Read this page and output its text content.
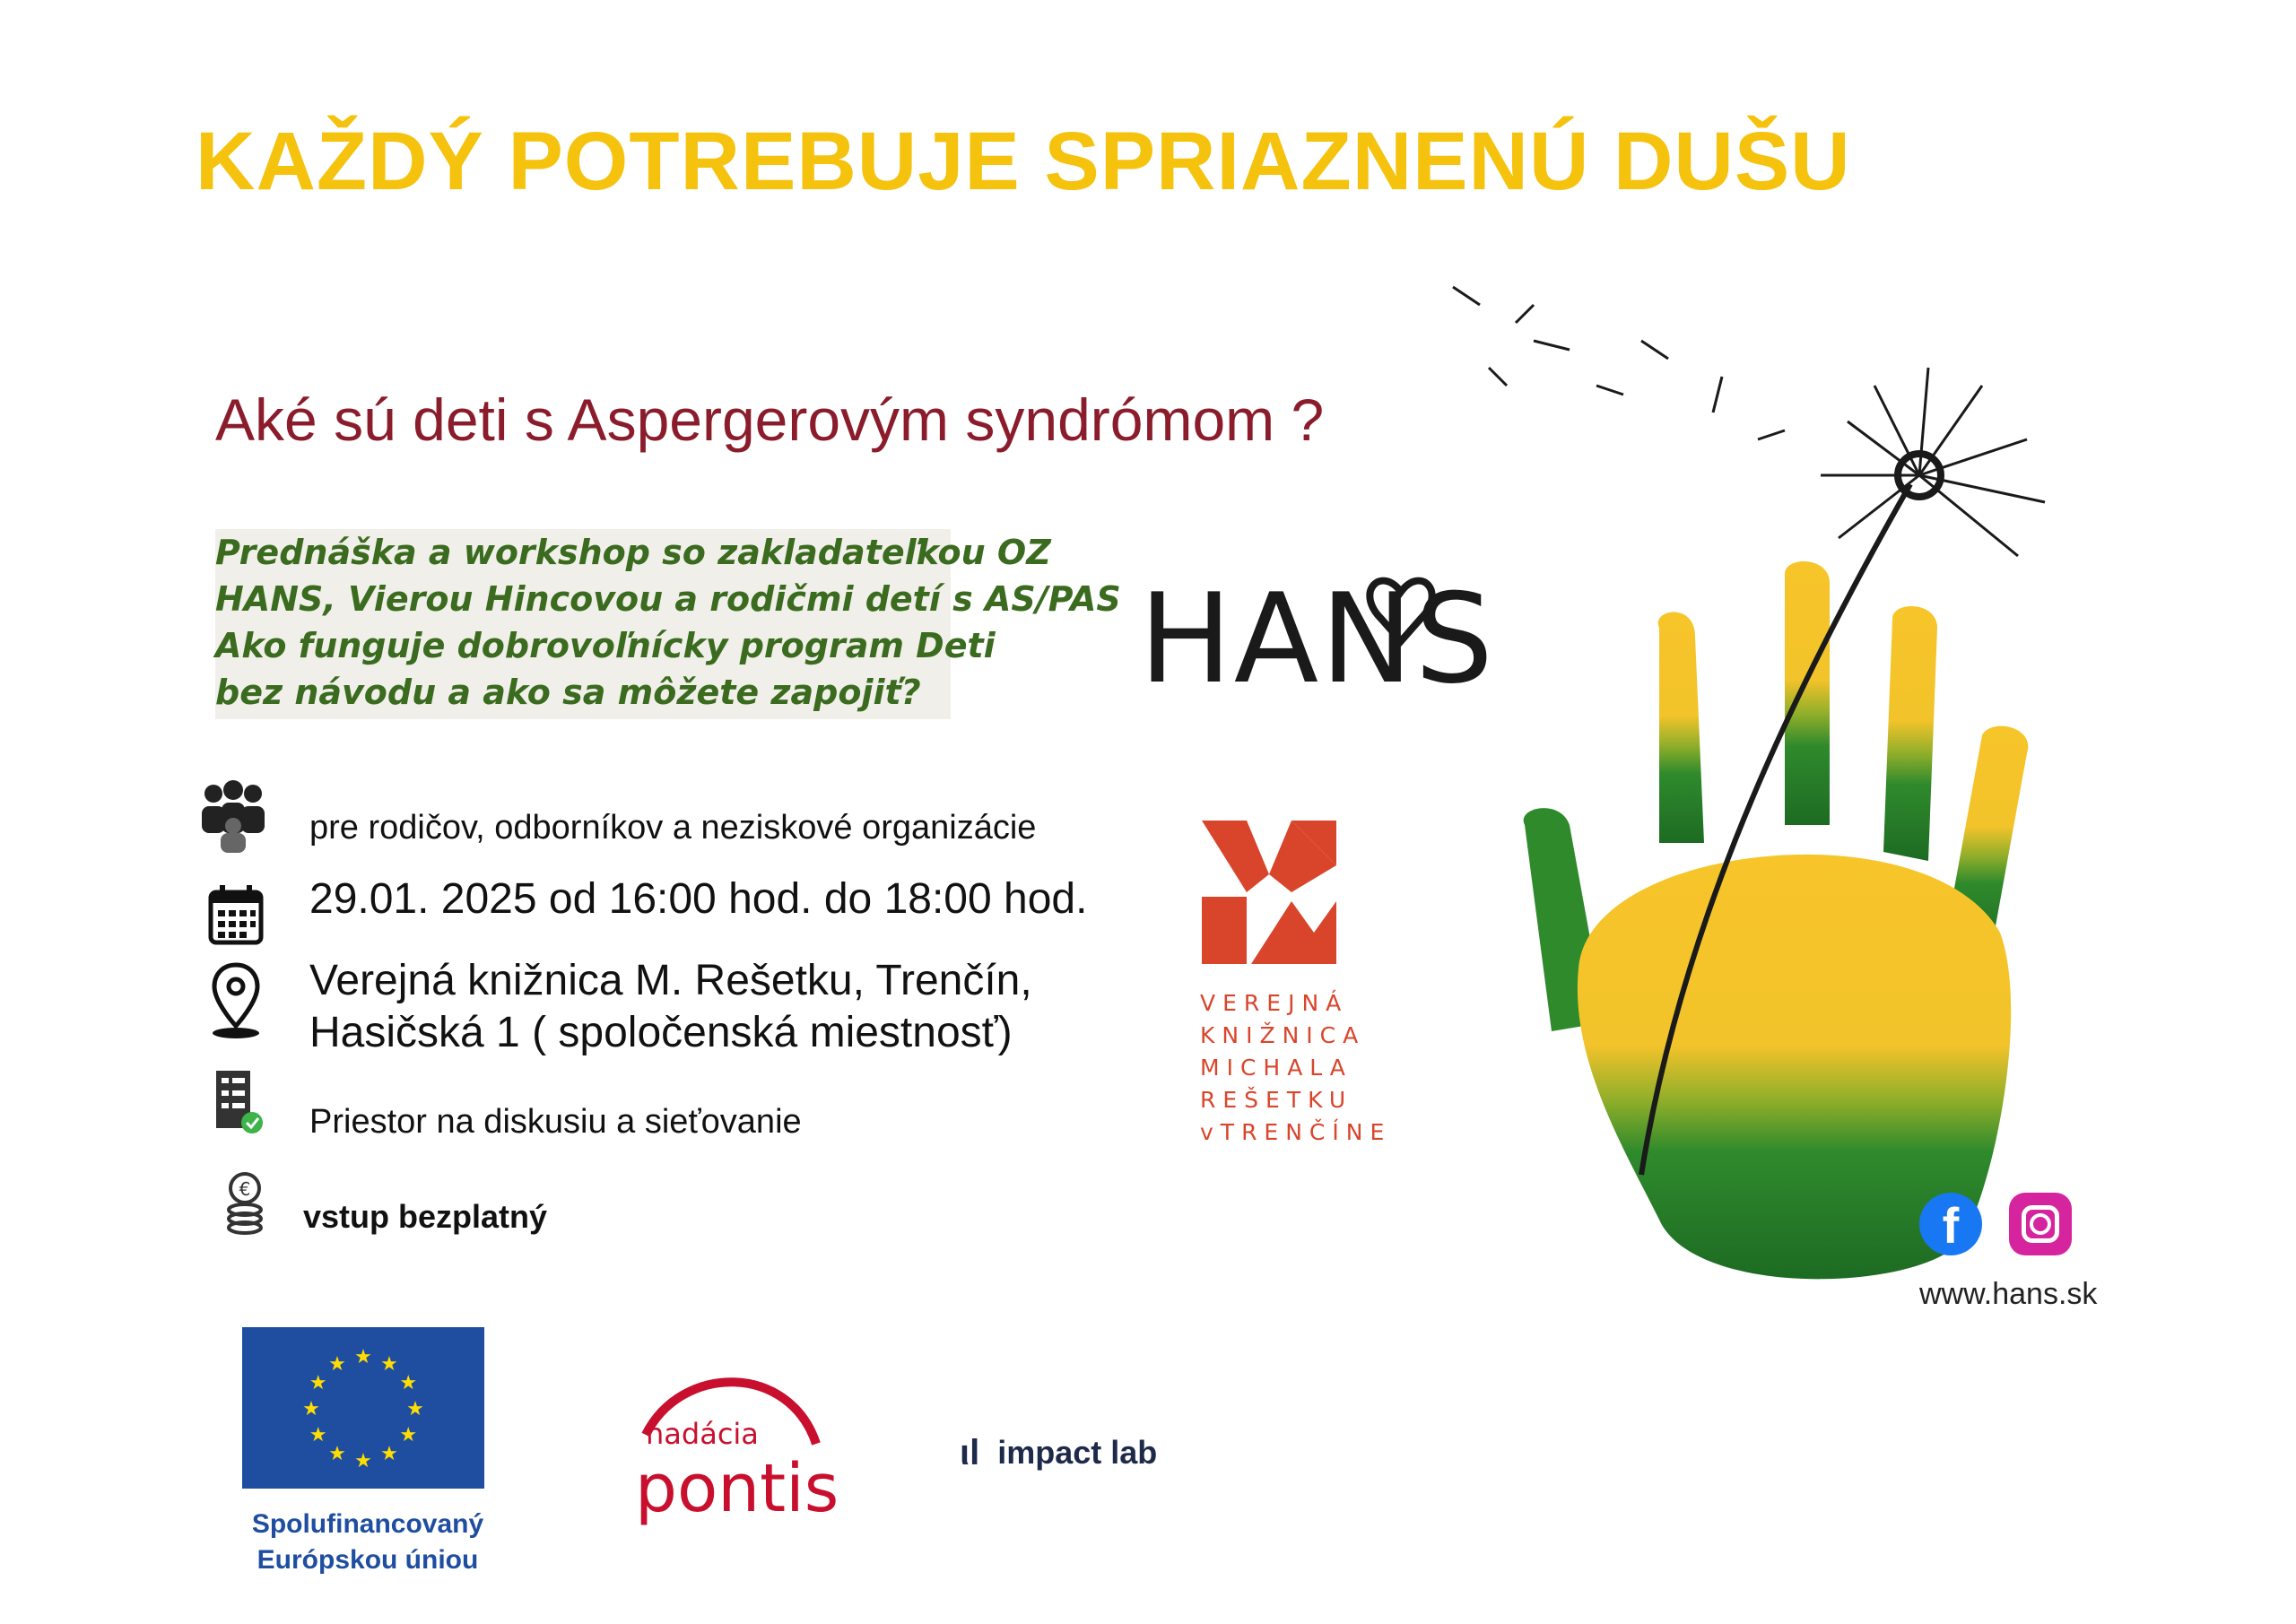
KAŽDÝ POTREBUJE SPRIAZNENÚ DUŠU
Aké sú deti s Aspergerovým syndrómom ?
Prednáška a workshop so zakladateľkou OZ
HANS, Vierou Hincovou a rodičmi detí s AS/PAS
Ako funguje dobrovoľnícky program Deti
bez návodu a ako sa môžete zapojiť? HANS
pre rodičov, odborníkov a neziskové organizácie
29.01. 2025 od 16:00 hod. do 18:00 hod.
Verejná knižnica M. Rešetku, Trenčín,
Hasičská 1 ( spoločenská miestnosť)
Priestor na diskusiu a sieťovanie
€
vstup bezplatný
VEREJNÁ
KNIŽNICA
MICHALA
REŠETKU
vTRENČÍNE
f
www.hans.sk
★
★
★
★
★
★
★
★
★ ★ ★
★
Spolufinancovaný
Európskou úniou
nadácia
pontis	ιl impact lab
